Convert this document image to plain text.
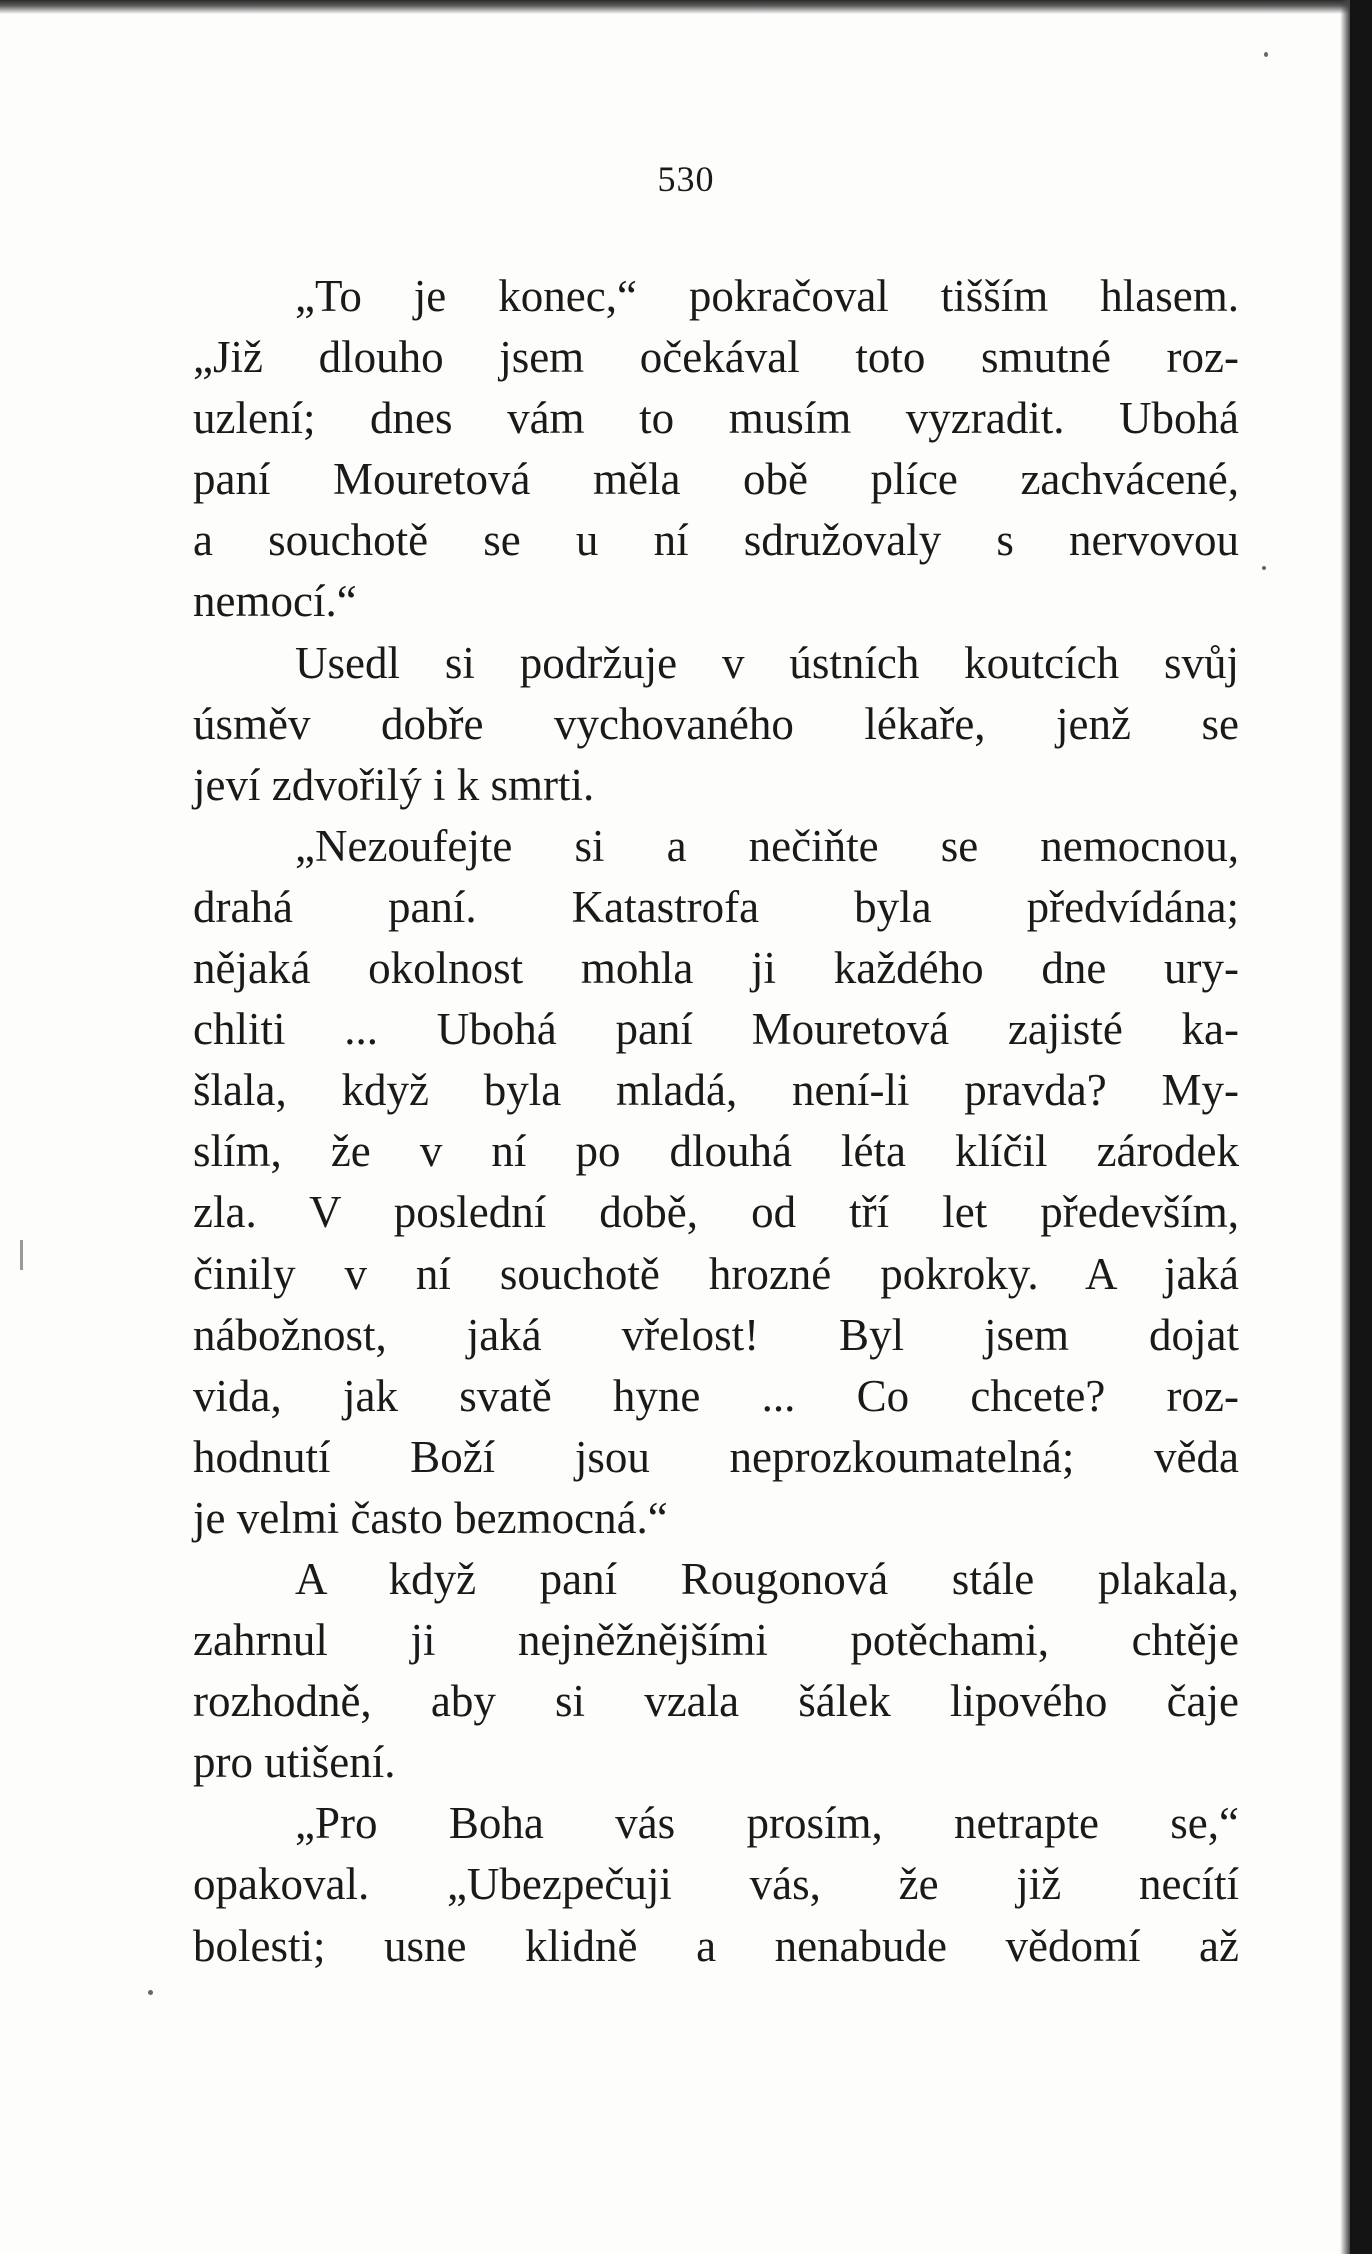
530
„To je konec,“ pokračoval tišším hlasem.
„Již dlouho jsem očekával toto smutné roz-
uzlení; dnes vám to musím vyzradit. Ubohá
paní Mouretová měla obě plíce zachvácené,
a souchotě se u ní sdružovaly s nervovou
nemocí.“
Usedl si podržuje v ústních koutcích svůj
úsměv dobře vychovaného lékaře, jenž se
jeví zdvořilý i k smrti.
„Nezoufejte si a nečiňte se nemocnou,
drahá paní. Katastrofa byla předvídána;
nějaká okolnost mohla ji každého dne ury-
chliti ... Ubohá paní Mouretová zajisté ka-
šlala, když byla mladá, není-li pravda? My-
slím, že v ní po dlouhá léta klíčil zárodek
zla. V poslední době, od tří let především,
činily v ní souchotě hrozné pokroky. A jaká
nábožnost, jaká vřelost! Byl jsem dojat
vida, jak svatě hyne ... Co chcete? roz-
hodnutí Boží jsou neprozkoumatelná; věda
je velmi často bezmocná.“
A když paní Rougonová stále plakala,
zahrnul ji nejněžnějšími potěchami, chtěje
rozhodně, aby si vzala šálek lipového čaje
pro utišení.
„Pro Boha vás prosím, netrapte se,“
opakoval. „Ubezpečuji vás, že již necítí
bolesti; usne klidně a nenabude vědomí až
